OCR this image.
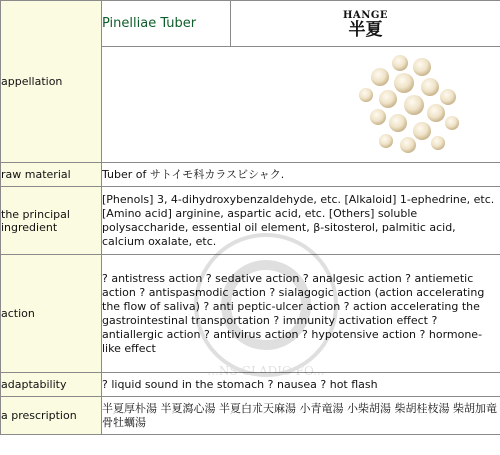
appellation	Pinelliae Tuber	HANGE
半夏

raw material	Tuber of サトイモ科カラスビシャク.	

the principal
ingredient	[Phenols] 3, 4-dihydroxybenzaldehyde, etc. [Alkaloid] 1-ephedrine, etc. [Amino acid] arginine, aspartic acid, etc. [Others] soluble polysaccharide, essential oil element, β-sitosterol, palmitic acid, calcium oxalate, etc.	
action	? antistress action ? sedative action ? analgesic action ? antiemetic action ? antispasmodic action ? sialagogic action (action accelerating the flow of saliva) ? anti peptic-ulcer action ? action accelerating the gastrointestinal transportation ? immunity activation effect ? antiallergic action ? antivirus action ? hypotensive action ? hormone-like effect	
adaptability	? liquid sound in the stomach ? nausea ? hot flash	
a prescription	半夏厚朴湯 半夏瀉心湯 半夏白朮天麻湯 小青竜湯 小柴胡湯 柴胡桂枝湯 柴胡加竜骨牡蠣湯	
...NS GLADIO FO...
